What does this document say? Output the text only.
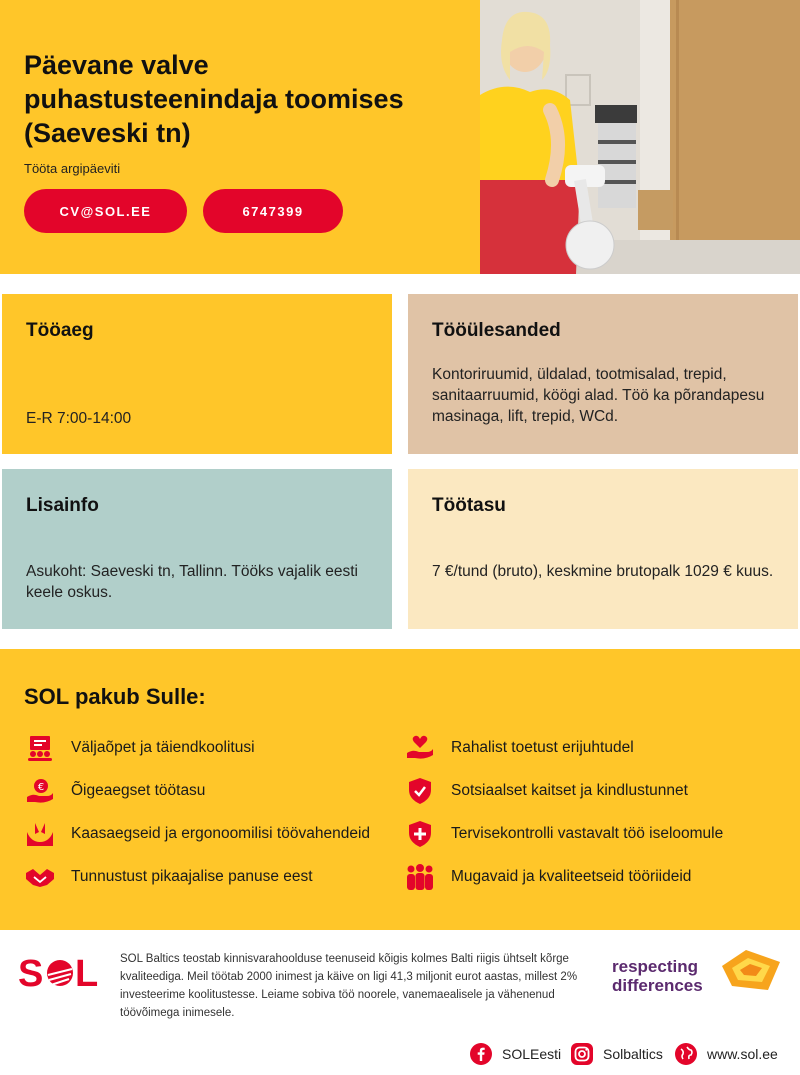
Päevane valve puhastusteenindaja toomises (Saeveski tn)
Tööta argipäeviti
CV@SOL.EE	6747399
Tööaeg

E-R 7:00-14:00

Tööülesanded

Kontoriruumid, üldalad, tootmisalad, trepid, sanitaarruumid, köögi alad. Töö ka põrandapesu masinaga, lift, trepid, WCd.

Lisainfo

Asukoht: Saeveski tn, Tallinn. Tööks vajalik eesti keele oskus.

Töötasu

7 €/tund (bruto), keskmine brutopalk 1029 € kuus.

SOL pakub Sulle:
Väljaõpet ja täiendkoolitusi
€ Õigeaegset töötasu
Kaasaegseid ja ergonoomilisi töövahendeid
Tunnustust pikaajalise panuse eest
Rahalist toetust erijuhtudel
Sotsiaalset kaitset ja kindlustunnet
Tervisekontrolli vastavalt töö iseloomule
Mugavaid ja kvaliteetseid tööriideid
S L SOL Baltics teostab kinnisvarahoolduse teenuseid kõigis kolmes Balti riigis ühtselt kõrge kvaliteediga. Meil töötab 2000 inimest ja käive on ligi 41,3 miljonit eurot aastas, millest 2% investeerime koolitustesse. Leiame sobiva töö noorele, vanemaealisele ja vähenenud töövõimega inimesele.
respecting
differences
SOLEesti	Solbaltics	www.sol.ee
